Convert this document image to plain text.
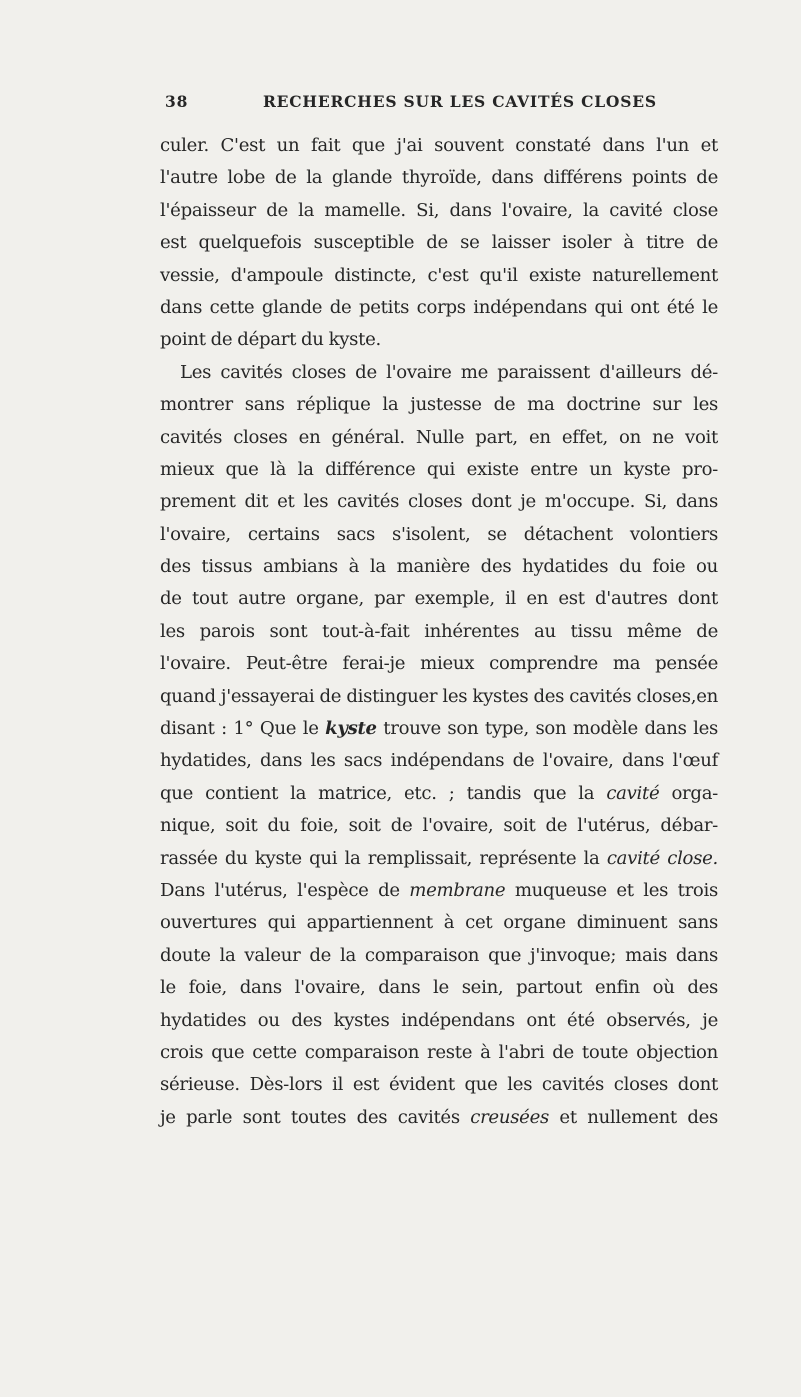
38	RECHERCHES SUR LES CAVITÉS CLOSES
culer. C'est un fait que j'ai souvent constaté dans l'un et
l'autre lobe de la glande thyroïde, dans différens points de
l'épaisseur de la mamelle. Si, dans l'ovaire, la cavité close
est quelquefois susceptible de se laisser isoler à titre de
vessie, d'ampoule distincte, c'est qu'il existe naturellement
dans cette glande de petits corps indépendans qui ont été le
point de départ du kyste.
Les cavités closes de l'ovaire me paraissent d'ailleurs dé-
montrer sans réplique la justesse de ma doctrine sur les
cavités closes en général. Nulle part, en effet, on ne voit
mieux que là la différence qui existe entre un kyste pro-
prement dit et les cavités closes dont je m'occupe. Si, dans
l'ovaire, certains sacs s'isolent, se détachent volontiers
des tissus ambians à la manière des hydatides du foie ou
de tout autre organe, par exemple, il en est d'autres dont
les parois sont tout-à-fait inhérentes au tissu même de
l'ovaire. Peut-être ferai-je mieux comprendre ma pensée
quand j'essayerai de distinguer les kystes des cavités closes,en
disant : 1° Que le kyste trouve son type, son modèle dans les
hydatides, dans les sacs indépendans de l'ovaire, dans l'œuf
que contient la matrice, etc. ; tandis que la cavité orga-
nique, soit du foie, soit de l'ovaire, soit de l'utérus, débar-
rassée du kyste qui la remplissait, représente la cavité close.
Dans l'utérus, l'espèce de membrane muqueuse et les trois
ouvertures qui appartiennent à cet organe diminuent sans
doute la valeur de la comparaison que j'invoque; mais dans
le foie, dans l'ovaire, dans le sein, partout enfin où des
hydatides ou des kystes indépendans ont été observés, je
crois que cette comparaison reste à l'abri de toute objection
sérieuse. Dès-lors il est évident que les cavités closes dont
je parle sont toutes des cavités creusées et nullement des
